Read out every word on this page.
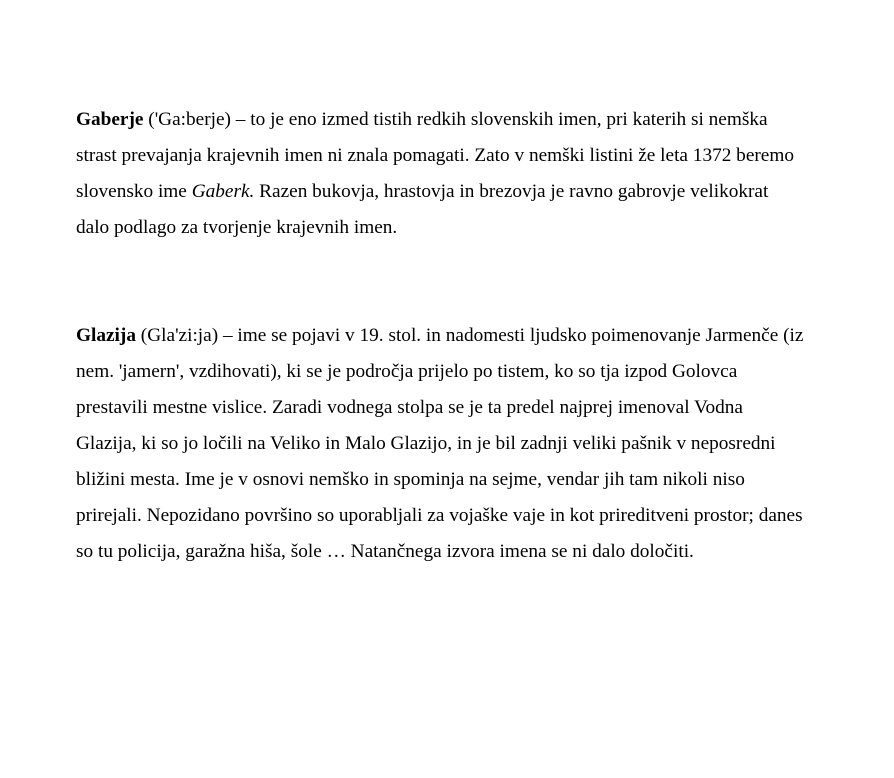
Gaberje ('Ga:berje) – to je eno izmed tistih redkih slovenskih imen, pri katerih si nemška
strast prevajanja krajevnih imen ni znala pomagati. Zato v nemški listini že leta 1372 beremo
slovensko ime Gaberk. Razen bukovja, hrastovja in brezovja je ravno gabrovje velikokrat
dalo podlago za tvorjenje krajevnih imen.

Glazija (Gla'zi:ja) – ime se pojavi v 19. stol. in nadomesti ljudsko poimenovanje Jarmenče (iz
nem. 'jamern', vzdihovati), ki se je področja prijelo po tistem, ko so tja izpod Golovca
prestavili mestne vislice. Zaradi vodnega stolpa se je ta predel najprej imenoval Vodna
Glazija, ki so jo ločili na Veliko in Malo Glazijo, in je bil zadnji veliki pašnik v neposredni
bližini mesta. Ime je v osnovi nemško in spominja na sejme, vendar jih tam nikoli niso
prirejali. Nepozidano površino so uporabljali za vojaške vaje in kot prireditveni prostor; danes
so tu policija, garažna hiša, šole … Natančnega izvora imena se ni dalo določiti.
